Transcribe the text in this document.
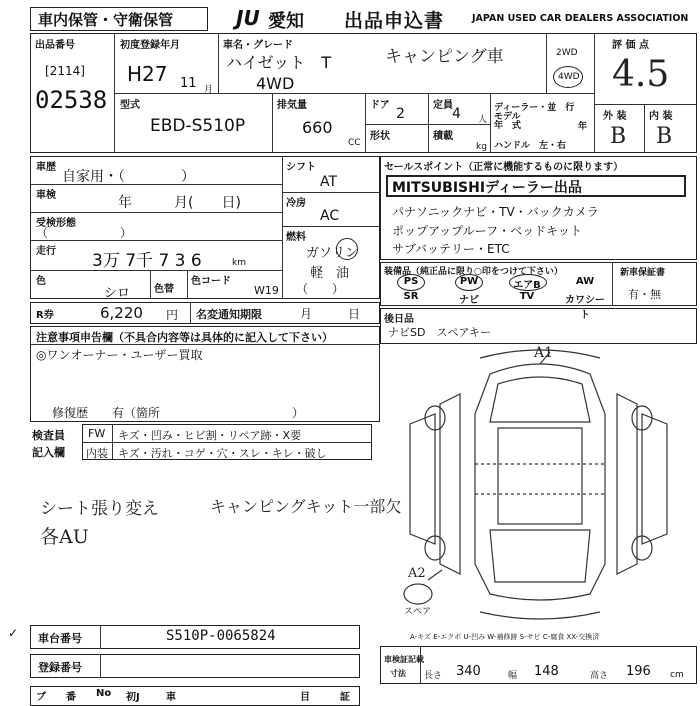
車内保管・守衛保管	JU 愛知 出品申込書	JAPAN USED CAR DEALERS ASSOCIATION
出品番号
[2114]
02538
初度登録年月
H27 11 月
車名・グレード
ハイゼット　T
4WD
キャンピング車	2WD
4WD
評 価 点
4.5
外 装 内 装
B B
型式
EBD-S510P
排気量
660
CC
ドア
2
定員
4 人
形状	積載
kg
ディーラー・並　行
モデル
年　式	年
ハンドル　左・右
車歴
自家用・（　　　　）
車検	年　　　月(　　日)
受検形態
（　　　　　　）
走行 3万 7千 7 3 6	km
色
シロ 色替
色コード
W19
シフト
AT
冷房
AC
燃料
ガソリン
軽　油
（　　）
R券	6,220 円 名変通知期限	月　　　日
注意事項申告欄（不具合内容等は具体的に記入して下さい）
◎ワンオーナー・ユーザー買取
修復歴　　有（箇所　　　　　　　　　　　）
検査員
記入欄
FW キズ・凹み・ヒビ割・リペア跡・X要
内装 キズ・汚れ・コゲ・穴・スレ・キレ・破し
シート張り変え
各AU
キャンピングキット一部欠
セールスポイント（正常に機能するものに限ります）
MITSUBISHIディーラー出品
パナソニックナビ・TV・バックカメラ
ポップアップルーフ・ベッドキット
サブバッテリー・ETC
装備品（純正品に限り○印をつけて下さい）
PS	PW	エアB	AW
SR	ナビ	TV	カワシート
新車保証書
有・無
後日品
ナビSD　スペアキー
A1
A2
スペア
✓ 車台番号	S510P-0065824
登録番号
A-キズ E-エクボ U-凹み W-補修跡 S-サビ C-腐食 XX-交換済
車検証記載
寸法 長さ 340	幅 148	高さ 196 cm
ブ 番 No 初J	車	目	証
